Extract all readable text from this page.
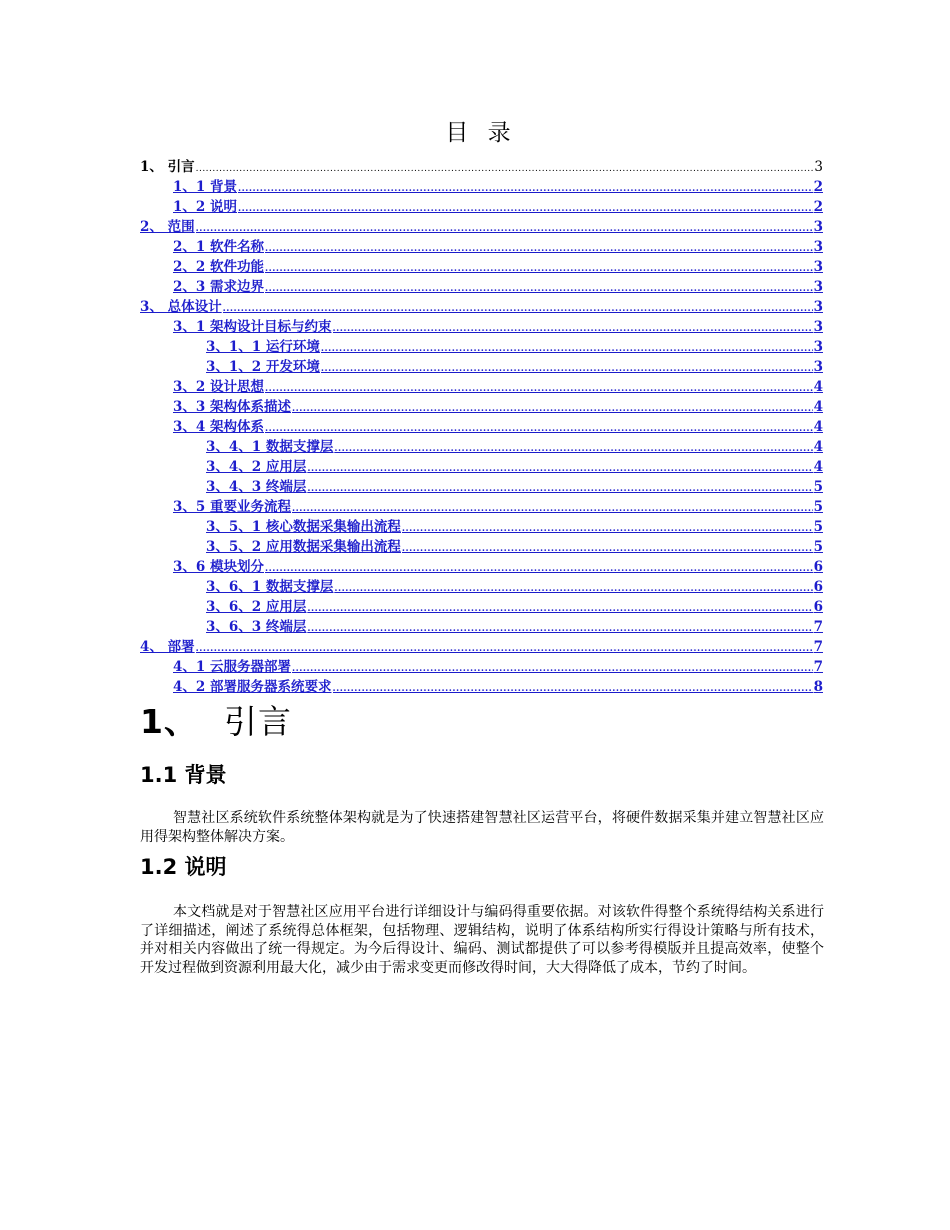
目 录
1、 引言 .....	3
1、1 背景 .....	2
1、2 说明 .....	2
2、 范围 .....	3
2、1 软件名称 .....	3
2、2 软件功能 .....	3
2、3 需求边界 .....	3
3、 总体设计 .....	3
3、1 架构设计目标与约束 .....	3
3、1、1 运行环境 .....	3
3、1、2 开发环境 .....	3
3、2 设计思想 .....	4
3、3 架构体系描述 .....	4
3、4 架构体系 .....	4
3、4、1 数据支撑层 .....	4
3、4、2 应用层 .....	4
3、4、3 终端层 .....	5
3、5 重要业务流程 .....	5
3、5、1 核心数据采集输出流程 .....	5
3、5、2 应用数据采集输出流程 .....	5
3、6 模块划分 .....	6
3、6、1 数据支撑层 .....	6
3、6、2 应用层 .....	6
3、6、3 终端层 .....	7
4、 部署 .....	7
4、1 云服务器部署 .....	7
4、2 部署服务器系统要求 .....	8
1、 引言
1.1 背景
智慧社区系统软件系统整体架构就是为了快速搭建智慧社区运营平台，将硬件数据采集并建立智慧社区应用得架构整体解决方案。
1.2 说明
本文档就是对于智慧社区应用平台进行详细设计与编码得重要依据。对该软件得整个系统得结构关系进行了详细描述，阐述了系统得总体框架，包括物理、逻辑结构，说明了体系结构所实行得设计策略与所有技术，并对相关内容做出了统一得规定。为今后得设计、编码、测试都提供了可以参考得模版并且提高效率，使整个开发过程做到资源利用最大化，减少由于需求变更而修改得时间，大大得降低了成本，节约了时间。
